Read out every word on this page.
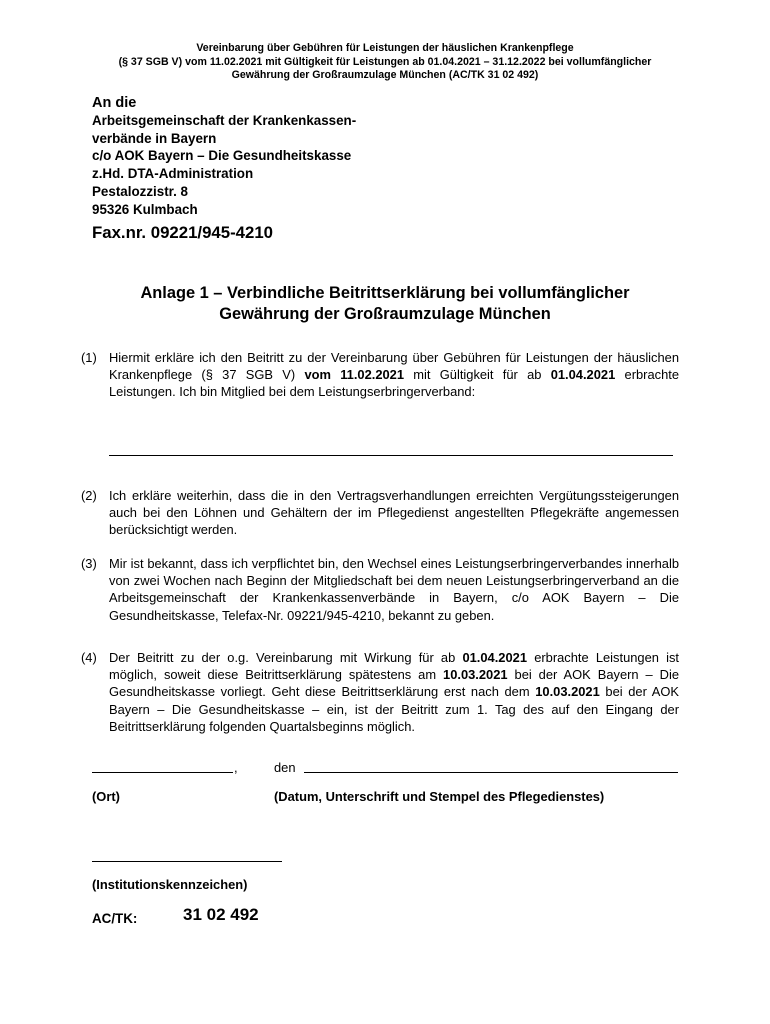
Vereinbarung über Gebühren für Leistungen der häuslichen Krankenpflege
(§ 37 SGB V) vom 11.02.2021 mit Gültigkeit für Leistungen ab 01.04.2021 – 31.12.2022 bei vollumfänglicher
Gewährung der Großraumzulage München (AC/TK 31 02 492)
An die
Arbeitsgemeinschaft der Krankenkassen-
verbände in Bayern
c/o AOK Bayern – Die Gesundheitskasse
z.Hd. DTA-Administration
Pestalozzistr. 8
95326 Kulmbach
Fax.nr. 09221/945-4210
Anlage 1 – Verbindliche Beitrittserklärung bei vollumfänglicher
Gewährung der Großraumzulage München
(1) Hiermit erkläre ich den Beitritt zu der Vereinbarung über Gebühren für Leistungen der häuslichen Krankenpflege (§ 37 SGB V) vom 11.02.2021 mit Gültigkeit für ab 01.04.2021 erbrachte Leistungen. Ich bin Mitglied bei dem Leistungserbringerverband:
(2) Ich erkläre weiterhin, dass die in den Vertragsverhandlungen erreichten Vergütungssteigerungen auch bei den Löhnen und Gehältern der im Pflegedienst angestellten Pflegekräfte angemessen berücksichtigt werden.
(3) Mir ist bekannt, dass ich verpflichtet bin, den Wechsel eines Leistungserbringerverbandes innerhalb von zwei Wochen nach Beginn der Mitgliedschaft bei dem neuen Leistungserbringerverband an die Arbeitsgemeinschaft der Krankenkassenverbände in Bayern, c/o AOK Bayern – Die Gesundheitskasse, Telefax-Nr. 09221/945-4210, bekannt zu geben.
(4) Der Beitritt zu der o.g. Vereinbarung mit Wirkung für ab 01.04.2021 erbrachte Leistungen ist möglich, soweit diese Beitrittserklärung spätestens am 10.03.2021 bei der AOK Bayern – Die Gesundheitskasse vorliegt. Geht diese Beitrittserklärung erst nach dem 10.03.2021 bei der AOK Bayern – Die Gesundheitskasse – ein, ist der Beitritt zum 1. Tag des auf den Eingang der Beitrittserklärung folgenden Quartalsbeginns möglich.
,	den
(Ort)	(Datum, Unterschrift und Stempel des Pflegedienstes)
(Institutionskennzeichen)
AC/TK:	31 02 492
